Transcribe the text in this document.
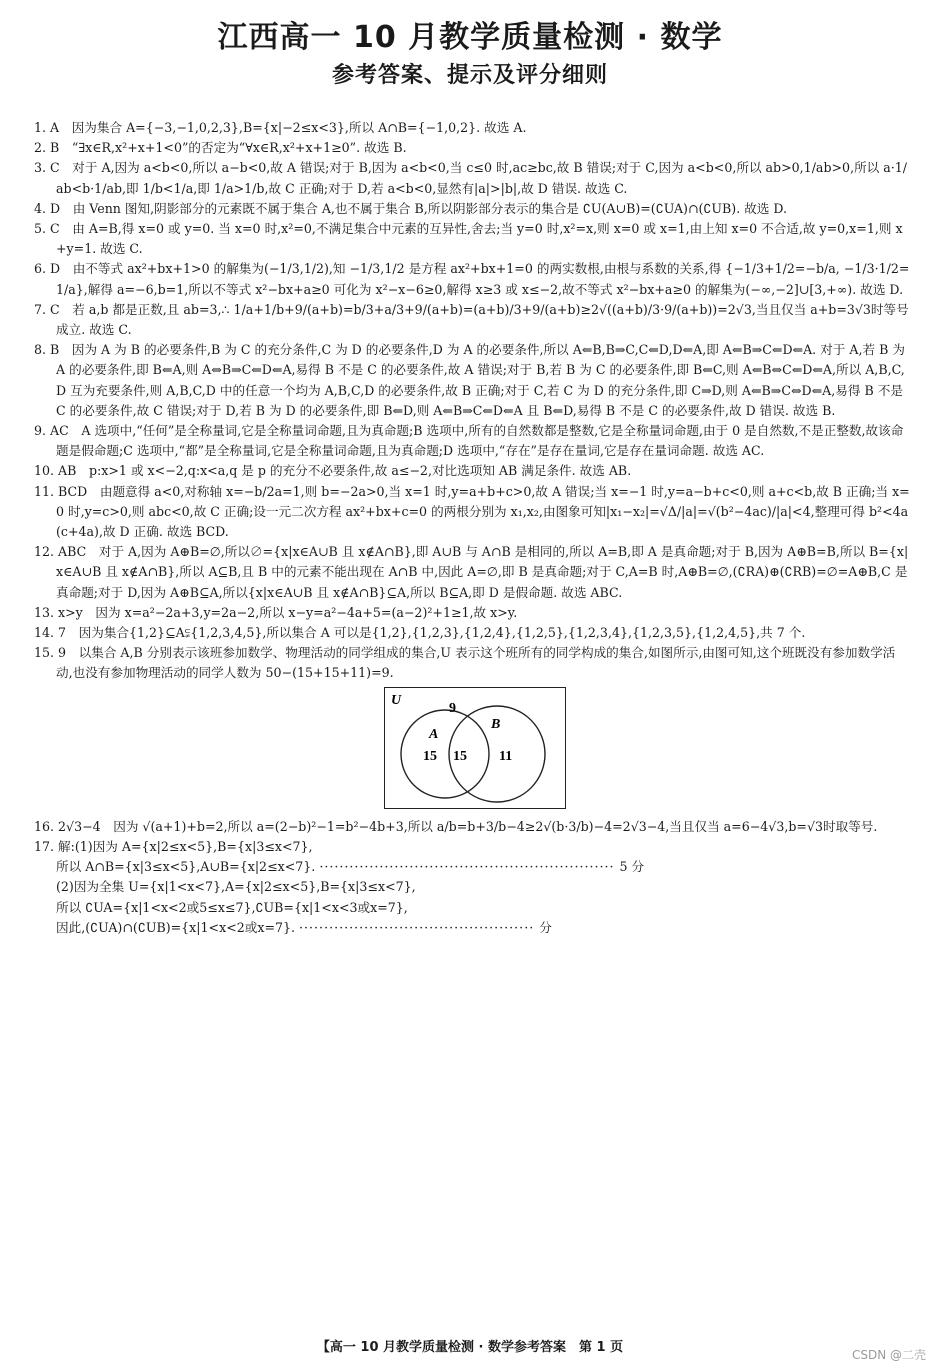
江西高一 10 月教学质量检测 · 数学
参考答案、提示及评分细则

1. A　因为集合 A={−3,−1,0,2,3},B={x|−2≤x<3},所以 A∩B={−1,0,2}. 故选 A.

2. B　“∃x∈R,x²+x+1<0”的否定为“∀x∈R,x²+x+1≥0”. 故选 B.

3. C　对于 A,因为 a<b<0,所以 a−b<0,故 A 错误;对于 B,因为 a<b<0,当 c≤0 时,ac≥bc,故 B 错误;对于 C,因为 a<b<0,所以 ab>0,1/ab>0,所以 a·1/ab<b·1/ab,即 1/b<1/a,即 1/a>1/b,故 C 正确;对于 D,若 a<b<0,显然有|a|>|b|,故 D 错误. 故选 C.

4. D　由 Venn 图知,阴影部分的元素既不属于集合 A,也不属于集合 B,所以阴影部分表示的集合是 ∁U(A∪B)=(∁UA)∩(∁UB). 故选 D.

5. C　由 A=B,得 x=0 或 y=0. 当 x=0 时,x²=0,不满足集合中元素的互异性,舍去;当 y=0 时,x²=x,则 x=0 或 x=1,由上知 x=0 不合适,故 y=0,x=1,则 x+y=1. 故选 C.

6. D　由不等式 ax²+bx+1>0 的解集为(−1/3,1/2),知 −1/3,1/2 是方程 ax²+bx+1=0 的两实数根,由根与系数的关系,得 {−1/3+1/2=−b/a, −1/3·1/2=1/a},解得 a=−6,b=1,所以不等式 x²−bx+a≥0 可化为 x²−x−6≥0,解得 x≥3 或 x≤−2,故不等式 x²−bx+a≥0 的解集为(−∞,−2]∪[3,+∞). 故选 D.

7. C　若 a,b 都是正数,且 ab=3,∴ 1/a+1/b+9/(a+b)=b/3+a/3+9/(a+b)=(a+b)/3+9/(a+b)≥2√((a+b)/3·9/(a+b))=2√3,当且仅当 a+b=3√3时等号成立. 故选 C.

8. B　因为 A 为 B 的必要条件,B 为 C 的充分条件,C 为 D 的必要条件,D 为 A 的必要条件,所以 A⇐B,B⇒C,C⇐D,D⇐A,即 A⇐B⇒C⇐D⇐A. 对于 A,若 B 为 A 的必要条件,即 B⇐A,则 A⇔B⇒C⇐D⇐A,易得 B 不是 C 的必要条件,故 A 错误;对于 B,若 B 为 C 的必要条件,即 B⇐C,则 A⇐B⇔C⇐D⇐A,所以 A,B,C,D 互为充要条件,则 A,B,C,D 中的任意一个均为 A,B,C,D 的必要条件,故 B 正确;对于 C,若 C 为 D 的充分条件,即 C⇒D,则 A⇐B⇒C⇔D⇐A,易得 B 不是 C 的必要条件,故 C 错误;对于 D,若 B 为 D 的必要条件,即 B⇐D,则 A⇐B⇒C⇐D⇐A 且 B⇐D,易得 B 不是 C 的必要条件,故 D 错误. 故选 B.

9. AC　A 选项中,“任何”是全称量词,它是全称量词命题,且为真命题;B 选项中,所有的自然数都是整数,它是全称量词命题,由于 0 是自然数,不是正整数,故该命题是假命题;C 选项中,“都”是全称量词,它是全称量词命题,且为真命题;D 选项中,“存在”是存在量词,它是存在量词命题. 故选 AC.

10. AB　p:x>1 或 x<−2,q:x<a,q 是 p 的充分不必要条件,故 a≤−2,对比选项知 AB 满足条件. 故选 AB.

11. BCD　由题意得 a<0,对称轴 x=−b/2a=1,则 b=−2a>0,当 x=1 时,y=a+b+c>0,故 A 错误;当 x=−1 时,y=a−b+c<0,则 a+c<b,故 B 正确;当 x=0 时,y=c>0,则 abc<0,故 C 正确;设一元二次方程 ax²+bx+c=0 的两根分别为 x₁,x₂,由图象可知|x₁−x₂|=√Δ/|a|=√(b²−4ac)/|a|<4,整理可得 b²<4a(c+4a),故 D 正确. 故选 BCD.

12. ABC　对于 A,因为 A⊕B=∅,所以∅={x|x∈A∪B 且 x∉A∩B},即 A∪B 与 A∩B 是相同的,所以 A=B,即 A 是真命题;对于 B,因为 A⊕B=B,所以 B={x|x∈A∪B 且 x∉A∩B},所以 A⊆B,且 B 中的元素不能出现在 A∩B 中,因此 A=∅,即 B 是真命题;对于 C,A=B 时,A⊕B=∅,(∁RA)⊕(∁RB)=∅=A⊕B,C 是真命题;对于 D,因为 A⊕B⊆A,所以{x|x∈A∪B 且 x∉A∩B}⊆A,所以 B⊆A,即 D 是假命题. 故选 ABC.

13. x>y　因为 x=a²−2a+3,y=2a−2,所以 x−y=a²−4a+5=(a−2)²+1≥1,故 x>y.

14. 7　因为集合{1,2}⊆A⫋{1,2,3,4,5},所以集合 A 可以是{1,2},{1,2,3},{1,2,4},{1,2,5},{1,2,3,4},{1,2,3,5},{1,2,4,5},共 7 个.

15. 9　以集合 A,B 分别表示该班参加数学、物理活动的同学组成的集合,U 表示这个班所有的同学构成的集合,如图所示,由图可知,这个班既没有参加数学活动,也没有参加物理活动的同学人数为 50−(15+15+11)=9.

U
9
A
B
15 15 11

16. 2√3−4　因为 √(a+1)+b=2,所以 a=(2−b)²−1=b²−4b+3,所以 a/b=b+3/b−4≥2√(b·3/b)−4=2√3−4,当且仅当 a=6−4√3,b=√3时取等号.

17. 解:(1)因为 A={x|2≤x<5},B={x|3≤x<7},
所以 A∩B={x|3≤x<5},A∪B={x|2≤x<7}. ··························································· 5 分
(2)因为全集 U={x|1<x<7},A={x|2≤x<5},B={x|3≤x<7},
所以 ∁UA={x|1<x<2或5≤x≤7},∁UB={x|1<x<3或x=7},
因此,(∁UA)∩(∁UB)={x|1<x<2或x=7}. ··············································· 分
【高一 10 月教学质量检测 · 数学参考答案　第 1 页	CSDN @二壳
